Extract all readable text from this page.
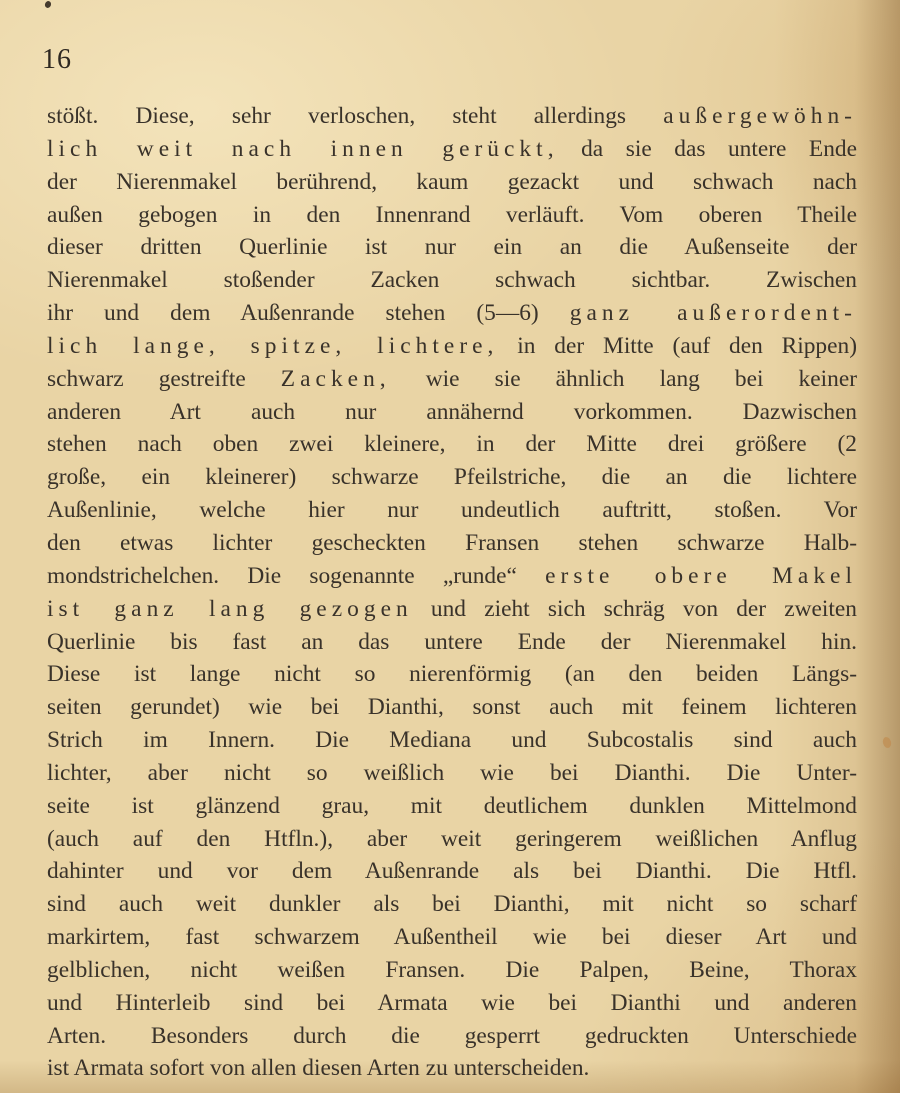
16
stößt. Diese, sehr verloschen, steht allerdings außergewöhn-
lich weit nach innen gerückt, da sie das untere Ende
der Nierenmakel berührend, kaum gezackt und schwach nach
außen gebogen in den Innenrand verläuft. Vom oberen Theile
dieser dritten Querlinie ist nur ein an die Außenseite der
Nierenmakel stoßender Zacken schwach sichtbar. Zwischen
ihr und dem Außenrande stehen (5—6) ganz außerordent-
lich lange, spitze, lichtere, in der Mitte (auf den Rippen)
schwarz gestreifte Zacken, wie sie ähnlich lang bei keiner
anderen Art auch nur annähernd vorkommen. Dazwischen
stehen nach oben zwei kleinere, in der Mitte drei größere (2
große, ein kleinerer) schwarze Pfeilstriche, die an die lichtere
Außenlinie, welche hier nur undeutlich auftritt, stoßen. Vor
den etwas lichter gescheckten Fransen stehen schwarze Halb-
mondstrichelchen. Die sogenannte „runde“ erste obere Makel
ist ganz lang gezogen und zieht sich schräg von der zweiten
Querlinie bis fast an das untere Ende der Nierenmakel hin.
Diese ist lange nicht so nierenförmig (an den beiden Längs-
seiten gerundet) wie bei Dianthi, sonst auch mit feinem lichteren
Strich im Innern. Die Mediana und Subcostalis sind auch
lichter, aber nicht so weißlich wie bei Dianthi. Die Unter-
seite ist glänzend grau, mit deutlichem dunklen Mittelmond
(auch auf den Htfln.), aber weit geringerem weißlichen Anflug
dahinter und vor dem Außenrande als bei Dianthi. Die Htfl.
sind auch weit dunkler als bei Dianthi, mit nicht so scharf
markirtem, fast schwarzem Außentheil wie bei dieser Art und
gelblichen, nicht weißen Fransen. Die Palpen, Beine, Thorax
und Hinterleib sind bei Armata wie bei Dianthi und anderen
Arten. Besonders durch die gesperrt gedruckten Unterschiede
ist Armata sofort von allen diesen Arten zu unterscheiden.
